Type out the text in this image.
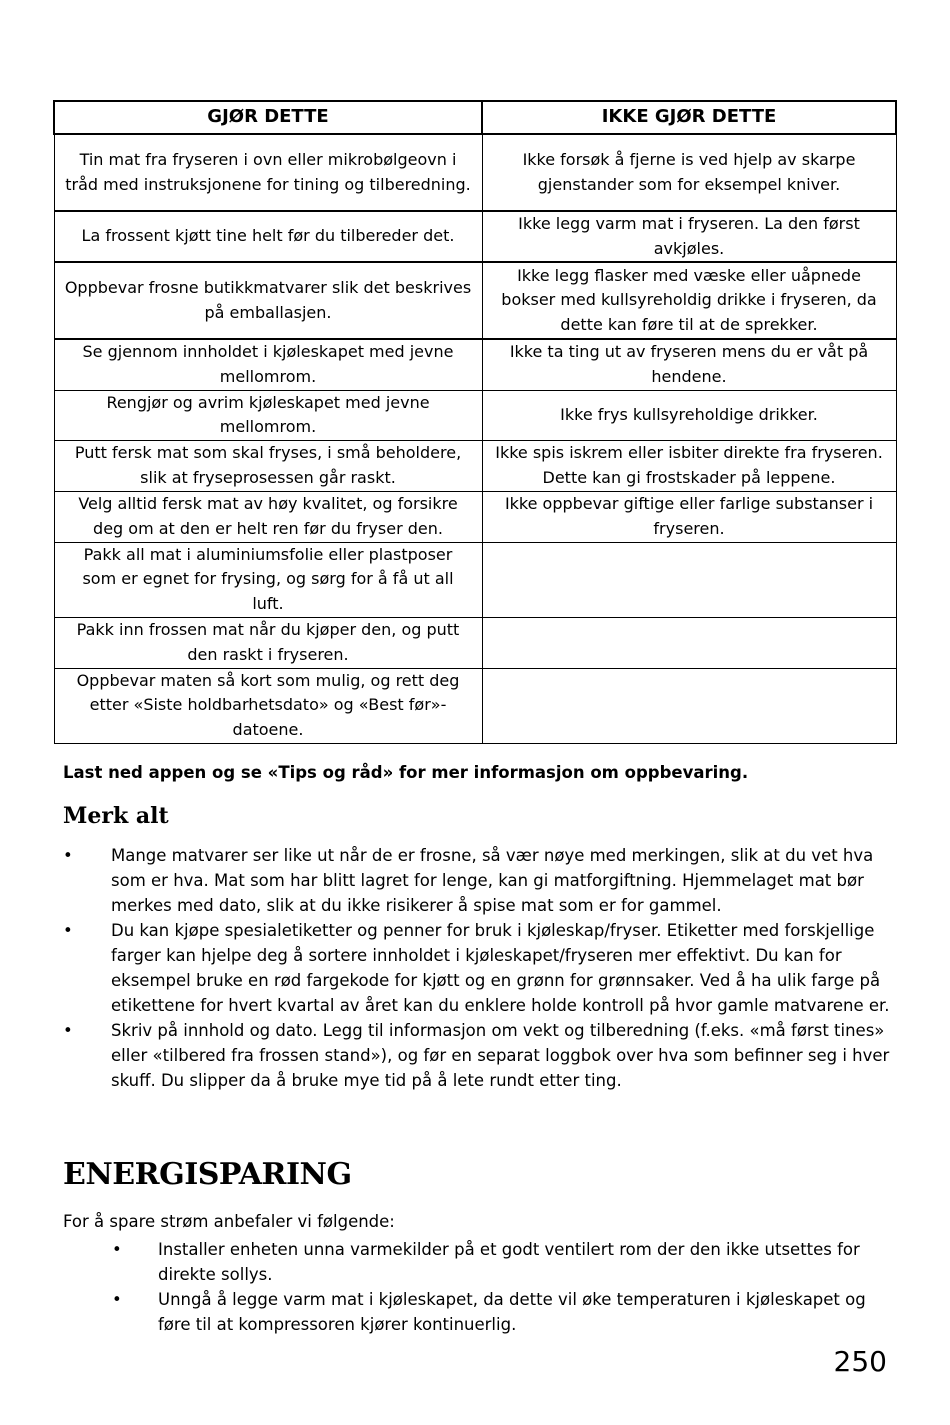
GJØR DETTE	IKKE GJØR DETTE
Tin mat fra fryseren i ovn eller mikrobølgeovn i tråd med instruksjonene for tining og tilberedning.	Ikke forsøk å fjerne is ved hjelp av skarpe gjenstander som for eksempel kniver.
La frossent kjøtt tine helt før du tilbereder det.	Ikke legg varm mat i fryseren. La den først avkjøles.
Oppbevar frosne butikkmatvarer slik det beskrives på emballasjen.	Ikke legg flasker med væske eller uåpnede bokser med kullsyreholdig drikke i fryseren, da dette kan føre til at de sprekker.
Se gjennom innholdet i kjøleskapet med jevne mellomrom.	Ikke ta ting ut av fryseren mens du er våt på hendene.
Rengjør og avrim kjøleskapet med jevne mellomrom.	Ikke frys kullsyreholdige drikker.
Putt fersk mat som skal fryses, i små beholdere, slik at fryseprosessen går raskt.	Ikke spis iskrem eller isbiter direkte fra fryseren. Dette kan gi frostskader på leppene.
Velg alltid fersk mat av høy kvalitet, og forsikre deg om at den er helt ren før du fryser den.	Ikke oppbevar giftige eller farlige substanser i fryseren.
Pakk all mat i aluminiumsfolie eller plastposer som er egnet for frysing, og sørg for å få ut all luft.	
Pakk inn frossen mat når du kjøper den, og putt den raskt i fryseren.	
Oppbevar maten så kort som mulig, og rett deg etter «Siste holdbarhetsdato» og «Best før»-datoene.	
Last ned appen og se «Tips og råd» for mer informasjon om oppbevaring.
Merk alt
• Mange matvarer ser like ut når de er frosne, så vær nøye med merkingen, slik at du vet hva som er hva. Mat som har blitt lagret for lenge, kan gi matforgiftning. Hjemmelaget mat bør merkes med dato, slik at du ikke risikerer å spise mat som er for gammel.
• Du kan kjøpe spesialetiketter og penner for bruk i kjøleskap/fryser. Etiketter med forskjellige farger kan hjelpe deg å sortere innholdet i kjøleskapet/fryseren mer effektivt. Du kan for eksempel bruke en rød fargekode for kjøtt og en grønn for grønnsaker. Ved å ha ulik farge på etikettene for hvert kvartal av året kan du enklere holde kontroll på hvor gamle matvarene er.
• Skriv på innhold og dato. Legg til informasjon om vekt og tilberedning (f.eks. «må først tines» eller «tilbered fra frossen stand»), og før en separat loggbok over hva som befinner seg i hver skuff. Du slipper da å bruke mye tid på å lete rundt etter ting.
ENERGISPARING
For å spare strøm anbefaler vi følgende:
• Installer enheten unna varmekilder på et godt ventilert rom der den ikke utsettes for direkte sollys.
• Unngå å legge varm mat i kjøleskapet, da dette vil øke temperaturen i kjøleskapet og føre til at kompressoren kjører kontinuerlig.
250
